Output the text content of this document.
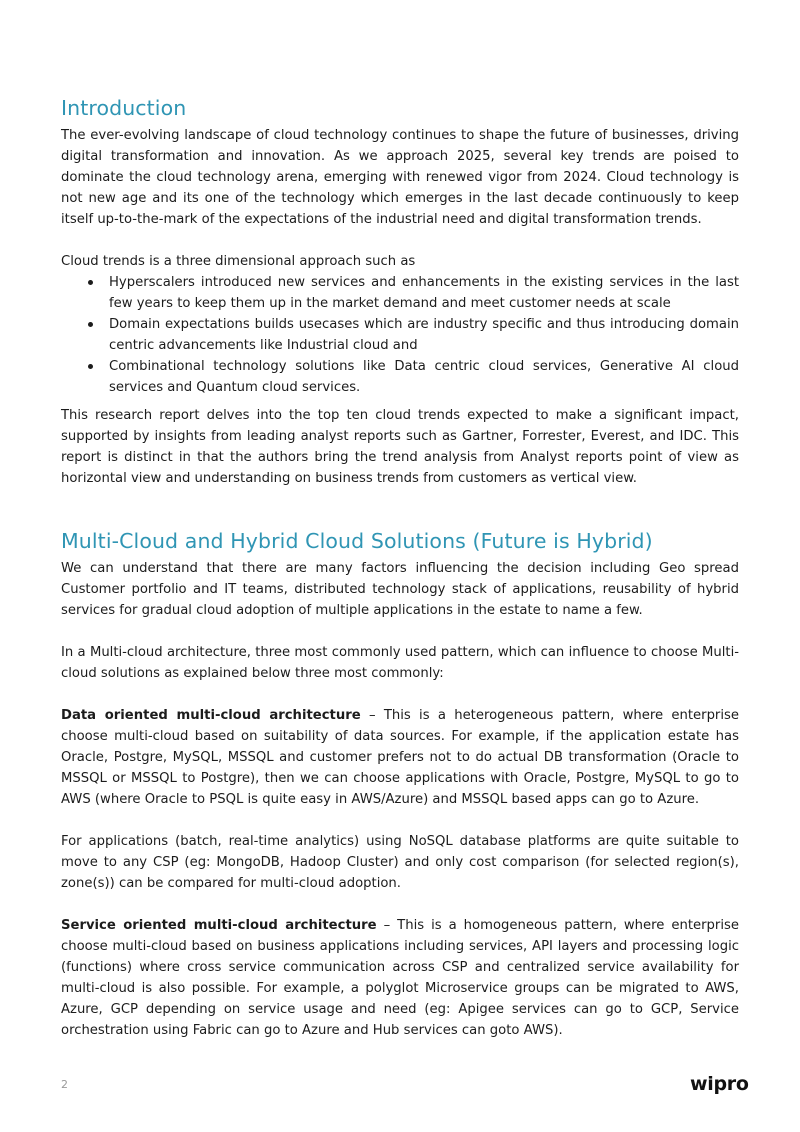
Introduction

The ever-evolving landscape of cloud technology continues to shape the future of businesses, driving digital transformation and innovation. As we approach 2025, several key trends are poised to dominate the cloud technology arena, emerging with renewed vigor from 2024. Cloud technology is not new age and its one of the technology which emerges in the last decade continuously to keep itself up-to-the-mark of the expectations of the industrial need and digital transformation trends.

Cloud trends is a three dimensional approach such as

Hyperscalers introduced new services and enhancements in the existing services in the last few years to keep them up in the market demand and meet customer needs at scale
Domain expectations builds usecases which are industry specific and thus introducing domain centric advancements like Industrial cloud and
Combinational technology solutions like Data centric cloud services, Generative AI cloud services and Quantum cloud services.

This research report delves into the top ten cloud trends expected to make a significant impact, supported by insights from leading analyst reports such as Gartner, Forrester, Everest, and IDC. This report is distinct in that the authors bring the trend analysis from Analyst reports point of view as horizontal view and understanding on business trends from customers as vertical view.

Multi-Cloud and Hybrid Cloud Solutions (Future is Hybrid)

We can understand that there are many factors influencing the decision including Geo spread Customer portfolio and IT teams, distributed technology stack of applications, reusability of hybrid services for gradual cloud adoption of multiple applications in the estate to name a few.

In a Multi-cloud architecture, three most commonly used pattern, which can influence to choose Multi-cloud solutions as explained below three most commonly:

Data oriented multi-cloud architecture – This is a heterogeneous pattern, where enterprise choose multi-cloud based on suitability of data sources. For example, if the application estate has Oracle, Postgre, MySQL, MSSQL and customer prefers not to do actual DB transformation (Oracle to MSSQL or MSSQL to Postgre), then we can choose applications with Oracle, Postgre, MySQL to go to AWS (where Oracle to PSQL is quite easy in AWS/Azure) and MSSQL based apps can go to Azure.

For applications (batch, real-time analytics) using NoSQL database platforms are quite suitable to move to any CSP (eg: MongoDB, Hadoop Cluster) and only cost comparison (for selected region(s), zone(s)) can be compared for multi-cloud adoption.

Service oriented multi-cloud architecture – This is a homogeneous pattern, where enterprise choose multi-cloud based on business applications including services, API layers and processing logic (functions) where cross service communication across CSP and centralized service availability for multi-cloud is also possible. For example, a polyglot Microservice groups can be migrated to AWS, Azure, GCP depending on service usage and need (eg: Apigee services can go to GCP, Service orchestration using Fabric can go to Azure and Hub services can goto AWS).

2	wipro
